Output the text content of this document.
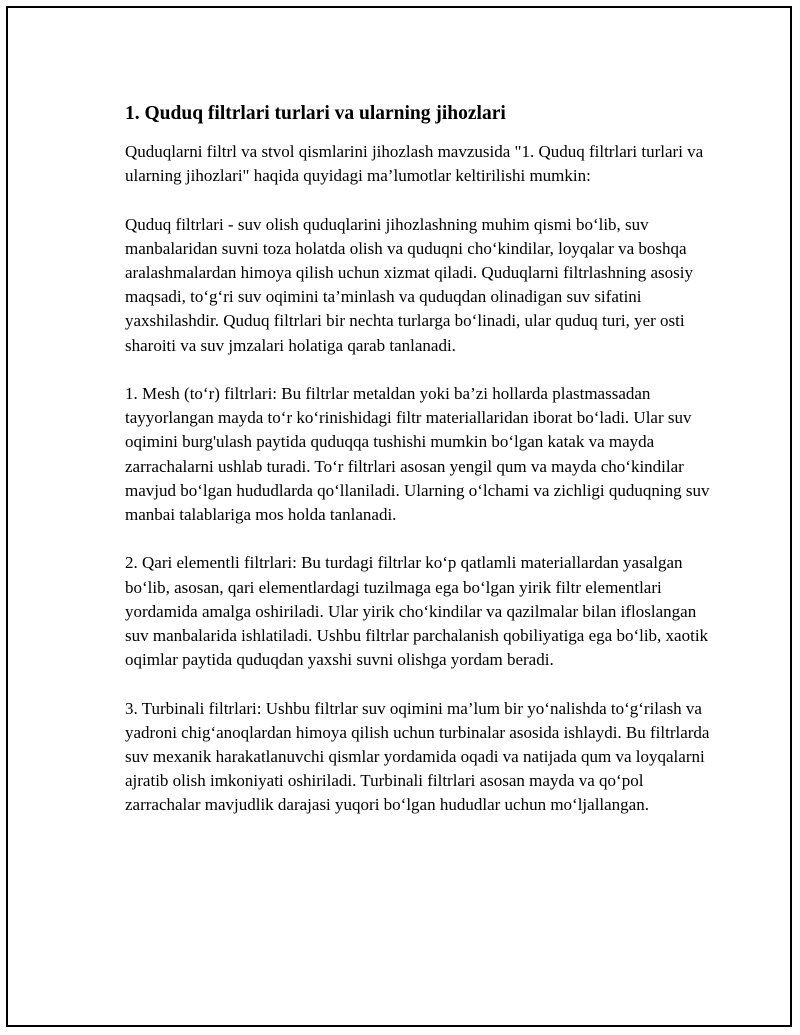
1. Quduq filtrlari turlari va ularning jihozlari

Quduqlarni filtrl va stvol qismlarini jihozlash mavzusida "1. Quduq filtrlari turlari va ularning jihozlari" haqida quyidagi ma’lumotlar keltirilishi mumkin:

Quduq filtrlari - suv olish quduqlarini jihozlashning muhim qismi bo‘lib, suv manbalaridan suvni toza holatda olish va quduqni cho‘kindilar, loyqalar va boshqa aralashmalardan himoya qilish uchun xizmat qiladi. Quduqlarni filtrlashning asosiy maqsadi, to‘g‘ri suv oqimini ta’minlash va quduqdan olinadigan suv sifatini yaxshilashdir. Quduq filtrlari bir nechta turlarga bo‘linadi, ular quduq turi, yer osti sharoiti va suv jmzalari holatiga qarab tanlanadi.

1. Mesh (to‘r) filtrlari: Bu filtrlar metaldan yoki ba’zi hollarda plastmassadan tayyorlangan mayda to‘r ko‘rinishidagi filtr materiallaridan iborat bo‘ladi. Ular suv oqimini burg'ulash paytida quduqqa tushishi mumkin bo‘lgan katak va mayda zarrachalarni ushlab turadi. To‘r filtrlari asosan yengil qum va mayda cho‘kindilar mavjud bo‘lgan hududlarda qo‘llaniladi. Ularning o‘lchami va zichligi quduqning suv manbai talablariga mos holda tanlanadi.

2. Qari elementli filtrlari: Bu turdagi filtrlar ko‘p qatlamli materiallardan yasalgan bo‘lib, asosan, qari elementlardagi tuzilmaga ega bo‘lgan yirik filtr elementlari yordamida amalga oshiriladi. Ular yirik cho‘kindilar va qazilmalar bilan ifloslangan suv manbalarida ishlatiladi. Ushbu filtrlar parchalanish qobiliyatiga ega bo‘lib, xaotik oqimlar paytida quduqdan yaxshi suvni olishga yordam beradi.

3. Turbinali filtrlari: Ushbu filtrlar suv oqimini ma’lum bir yo‘nalishda to‘g‘rilash va yadroni chig‘anoqlardan himoya qilish uchun turbinalar asosida ishlaydi. Bu filtrlarda suv mexanik harakatlanuvchi qismlar yordamida oqadi va natijada qum va loyqalarni ajratib olish imkoniyati oshiriladi. Turbinali filtrlari asosan mayda va qo‘pol zarrachalar mavjudlik darajasi yuqori bo‘lgan hududlar uchun mo‘ljallangan.
